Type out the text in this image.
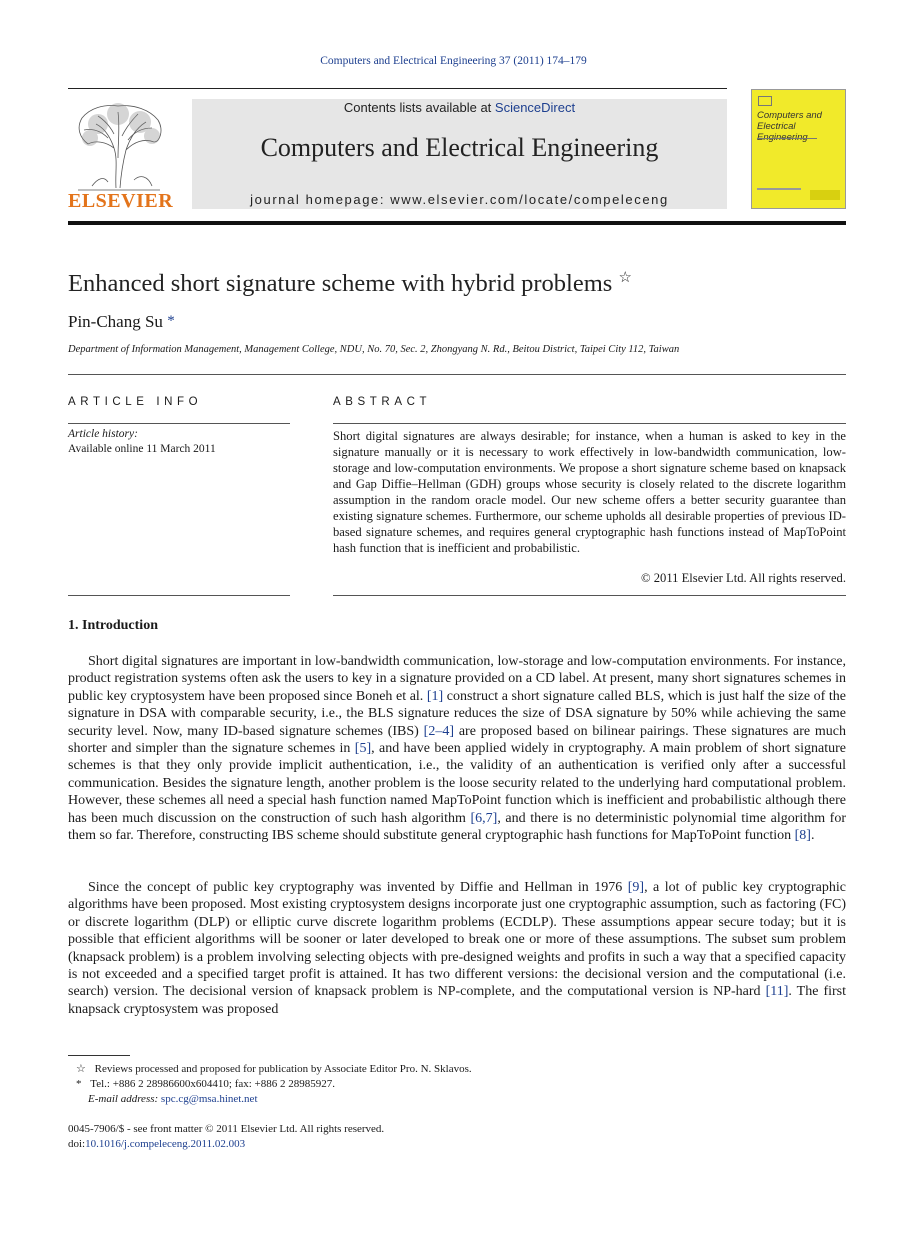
Computers and Electrical Engineering 37 (2011) 174–179
ELSEVIER
Contents lists available at ScienceDirect
Computers and Electrical Engineering
journal homepage: www.elsevier.com/locate/compeleceng
Computers and
Electrical
Enhanced short signature scheme with hybrid problems ☆
Pin-Chang Su *
Department of Information Management, Management College, NDU, No. 70, Sec. 2, Zhongyang N. Rd., Beitou District, Taipei City 112, Taiwan
ARTICLE INFO
Article history:
Available online 11 March 2011
ABSTRACT
Short digital signatures are always desirable; for instance, when a human is asked to key in the signature manually or it is necessary to work effectively in low-bandwidth communication, low-storage and low-computation environments. We propose a short signature scheme based on knapsack and Gap Diffie–Hellman (GDH) groups whose security is closely related to the discrete logarithm assumption in the random oracle model. Our new scheme offers a better security guarantee than existing signature schemes. Furthermore, our scheme upholds all desirable properties of previous ID-based signature schemes, and requires general cryptographic hash functions instead of MapToPoint hash function that is inefficient and probabilistic.
© 2011 Elsevier Ltd. All rights reserved.
1. Introduction
Short digital signatures are important in low-bandwidth communication, low-storage and low-computation environments. For instance, product registration systems often ask the users to key in a signature provided on a CD label. At present, many short signatures schemes in public key cryptosystem have been proposed since Boneh et al. [1] construct a short signature called BLS, which is just half the size of the signature in DSA with comparable security, i.e., the BLS signature reduces the size of DSA signature by 50% while achieving the same security level. Now, many ID-based signature schemes (IBS) [2–4] are proposed based on bilinear pairings. These signatures are much shorter and simpler than the signature schemes in [5], and have been applied widely in cryptography. A main problem of short signature schemes is that they only provide implicit authentication, i.e., the validity of an authentication is verified only after a successful communication. Besides the signature length, another problem is the loose security related to the underlying hard computational problem. However, these schemes all need a special hash function named MapToPoint function which is inefficient and probabilistic although there has been much discussion on the construction of such hash algorithm [6,7], and there is no deterministic polynomial time algorithm for them so far. Therefore, constructing IBS scheme should substitute general cryptographic hash functions for MapToPoint function [8].
Since the concept of public key cryptography was invented by Diffie and Hellman in 1976 [9], a lot of public key cryptographic algorithms have been proposed. Most existing cryptosystem designs incorporate just one cryptographic assumption, such as factoring (FC) or discrete logarithm (DLP) or elliptic curve discrete logarithm problems (ECDLP). These assumptions appear secure today; but it is possible that efficient algorithms will be sooner or later developed to break one or more of these assumptions. The subset sum problem (knapsack problem) is a problem involving selecting objects with pre-designed weights and profits in such a way that a specified capacity is not exceeded and a specified target profit is attained. It has two different versions: the decisional version and the computational (i.e. search) version. The decisional version of knapsack problem is NP-complete, and the computational version is NP-hard [11]. The first knapsack cryptosystem was proposed
☆ Reviews processed and proposed for publication by Associate Editor Pro. N. Sklavos.
* Tel.: +886 2 28986600x604410; fax: +886 2 28985927.
E-mail address: spc.cg@msa.hinet.net
0045-7906/$ - see front matter © 2011 Elsevier Ltd. All rights reserved.
doi:10.1016/j.compeleceng.2011.02.003
